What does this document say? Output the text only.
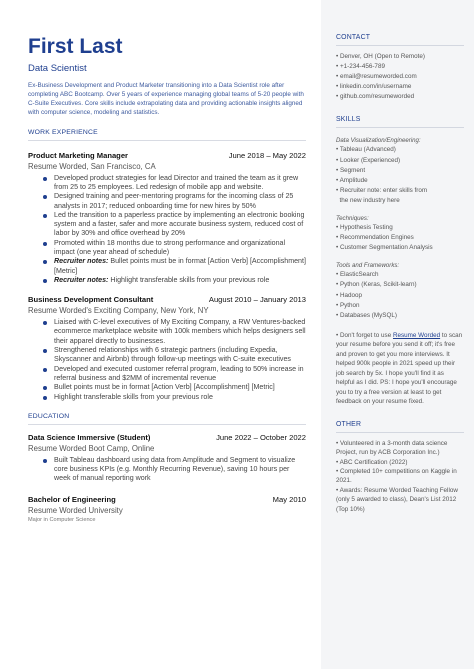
First Last
Data Scientist
Ex-Business Development and Product Marketer transitioning into a Data Scientist role after completing ABC Bootcamp. Over 5 years of experience managing global teams of 5-20 people with C-Suite Executives. Core skills include extrapolating data and providing actionable insights aligned with computer science, modeling and statistics.
WORK EXPERIENCE
Product Marketing Manager	June 2018 – May 2022
Resume Worded, San Francisco, CA
Developed product strategies for lead Director and trained the team as it grew from 25 to 25 employees. Led redesign of mobile app and website.
Designed training and peer-mentoring programs for the incoming class of 25 analysts in 2017; reduced onboarding time for new hires by 50%
Led the transition to a paperless practice by implementing an electronic booking system and a faster, safer and more accurate business system, reduced cost of labor by 30% and office overhead by 20%
Promoted within 18 months due to strong performance and organizational impact (one year ahead of schedule)
Recruiter notes: Bullet points must be in format [Action Verb] [Accomplishment] [Metric]
Recruiter notes: Highlight transferable skills from your previous role
Business Development Consultant	August 2010 – January 2013
Resume Worded's Exciting Company, New York, NY
Liaised with C-level executives of My Exciting Company, a RW Ventures-backed ecommerce marketplace website with 100k members which helps designers sell their apparel directly to businesses.
Strengthened relationships with 6 strategic partners (including Expedia, Skyscanner and Airbnb) through follow-up meetings with C-suite executives
Developed and executed customer referral program, leading to 50% increase in referral business and $2MM of incremental revenue
Bullet points must be in format [Action Verb] [Accomplishment] [Metric]
Highlight transferable skills from your previous role
EDUCATION
Data Science Immersive (Student)	June 2022 – October 2022
Resume Worded Boot Camp, Online
Built Tableau dashboard using data from Amplitude and Segment to visualize core business KPIs (e.g. Monthly Recurring Revenue), saving 10 hours per week of manual reporting work
Bachelor of Engineering	May 2010
Resume Worded University
Major in Computer Science
CONTACT
• Denver, OH (Open to Remote)
• +1-234-456-789
• email@resumeworded.com
• linkedin.com/in/username
• github.com/resumeworded
SKILLS
Data Visualization/Engineering:
• Tableau (Advanced)
• Looker (Experienced)
• Segment
• Amplitude
• Recruiter note: enter skills from
the new industry here
Techniques:
• Hypothesis Testing
• Recommendation Engines
• Customer Segmentation Analysis
Tools and Frameworks:
• ElasticSearch
• Python (Keras, Scikit-learn)
• Hadoop
• Python
• Databases (MySQL)
• Don't forget to use Resume Worded to scan your resume before you send it off; it's free and proven to get you more interviews. It helped 900k people in 2021 speed up their job search by 5x. I hope you'll find it as helpful as I did. PS: I hope you'll encourage you to try a free version at least to get feedback on your resume fixed.
OTHER
• Volunteered in a 3-month data science Project, run by ACB Corporation Inc.)
• ABC Certification (2022)
• Completed 10+ competitions on Kaggle in 2021.
• Awards: Resume Worded Teaching Fellow (only 5 awarded to class), Dean's List 2012 (Top 10%)
